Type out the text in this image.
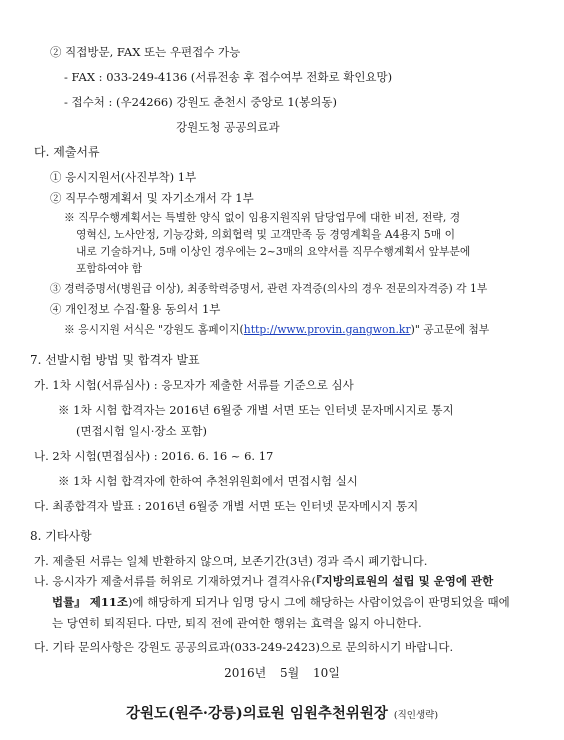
② 직접방문, FAX 또는 우편접수 가능
- FAX : 033-249-4136 (서류전송 후 접수여부 전화로 확인요망)
- 접수처 : (우24266) 강원도 춘천시 중앙로 1(봉의동)
강원도청 공공의료과
다. 제출서류
① 응시지원서(사진부착) 1부
② 직무수행계획서 및 자기소개서 각 1부
※ 직무수행계획서는 특별한 양식 없이 임용지원직위 담당업무에 대한 비전, 전략, 경
영혁신, 노사안정, 기능강화, 의회협력 및 고객만족 등 경영계획을 A4용지 5매 이
내로 기술하거나, 5매 이상인 경우에는 2~3매의 요약서를 직무수행계획서 앞부분에
포함하여야 함
③ 경력증명서(병원급 이상), 최종학력증명서, 관련 자격증(의사의 경우 전문의자격증) 각 1부
④ 개인정보 수집·활용 동의서 1부
※ 응시지원 서식은 "강원도 홈페이지(http://www.provin.gangwon.kr)" 공고문에 첨부
7. 선발시험 방법 및 합격자 발표
가. 1차 시험(서류심사) : 응모자가 제출한 서류를 기준으로 심사
※ 1차 시험 합격자는 2016년 6월중 개별 서면 또는 인터넷 문자메시지로 통지
(면접시험 일시·장소 포함)
나. 2차 시험(면접심사) : 2016. 6. 16 ~ 6. 17
※ 1차 시험 합격자에 한하여 추천위원회에서 면접시험 실시
다. 최종합격자 발표 : 2016년 6월중 개별 서면 또는 인터넷 문자메시지 통지
8. 기타사항
가. 제출된 서류는 일체 반환하지 않으며, 보존기간(3년) 경과 즉시 폐기합니다.
나. 응시자가 제출서류를 허위로 기재하였거나 결격사유(『지방의료원의 설립 및 운영에 관한
법률』 제11조)에 해당하게 되거나 임명 당시 그에 해당하는 사람이었음이 판명되었을 때에
는 당연히 퇴직된다. 다만, 퇴직 전에 관여한 행위는 효력을 잃지 아니한다.
다. 기타 문의사항은 강원도 공공의료과(033-249-2423)으로 문의하시기 바랍니다.
2016년 5월 10일
강원도(원주·강릉)의료원 임원추천위원장 (직인생략)
